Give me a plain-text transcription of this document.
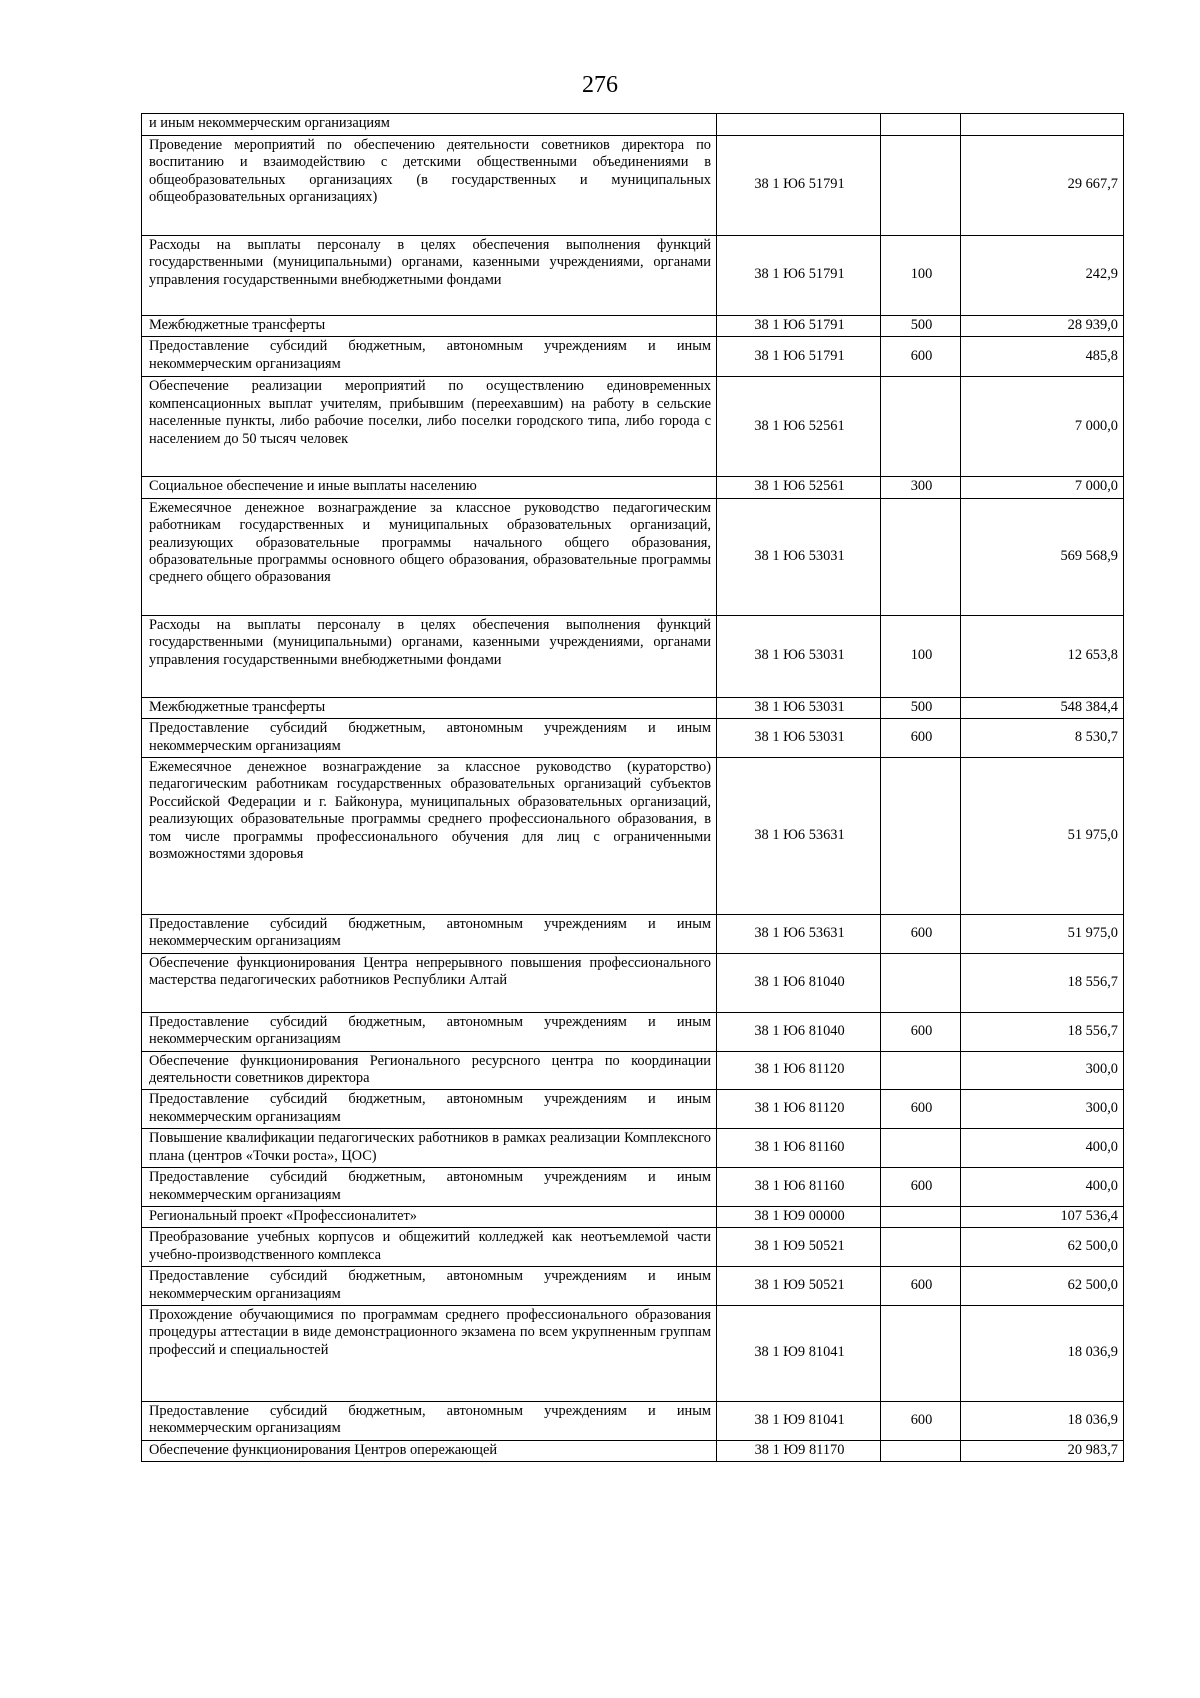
276
и иным некоммерческим организациям			
Проведение мероприятий по обеспечению деятельности советников директора по воспитанию и взаимодействию с детскими общественными объединениями в общеобразовательных организациях (в государственных и муниципальных общеобразовательных организациях)	38 1 Ю6 51791		29 667,7
Расходы на выплаты персоналу в целях обеспечения выполнения функций государственными (муниципальными) органами, казенными учреждениями, органами управления государственными внебюджетными фондами	38 1 Ю6 51791	100	242,9
Межбюджетные трансферты	38 1 Ю6 51791	500	28 939,0
Предоставление субсидий бюджетным, автономным учреждениям и иным некоммерческим организациям	38 1 Ю6 51791	600	485,8
Обеспечение реализации мероприятий по осуществлению единовременных компенсационных выплат учителям, прибывшим (переехавшим) на работу в сельские населенные пункты, либо рабочие поселки, либо поселки городского типа, либо города с населением до 50 тысяч человек	38 1 Ю6 52561		7 000,0
Социальное обеспечение и иные выплаты населению	38 1 Ю6 52561	300	7 000,0
Ежемесячное денежное вознаграждение за классное руководство педагогическим работникам государственных и муниципальных образовательных организаций, реализующих образовательные программы начального общего образования, образовательные программы основного общего образования, образовательные программы среднего общего образования	38 1 Ю6 53031		569 568,9
Расходы на выплаты персоналу в целях обеспечения выполнения функций государственными (муниципальными) органами, казенными учреждениями, органами управления государственными внебюджетными фондами	38 1 Ю6 53031	100	12 653,8
Межбюджетные трансферты	38 1 Ю6 53031	500	548 384,4
Предоставление субсидий бюджетным, автономным учреждениям и иным некоммерческим организациям	38 1 Ю6 53031	600	8 530,7
Ежемесячное денежное вознаграждение за классное руководство (кураторство) педагогическим работникам государственных образовательных организаций субъектов Российской Федерации и г. Байконура, муниципальных образовательных организаций, реализующих образовательные программы среднего профессионального образования, в том числе программы профессионального обучения для лиц с ограниченными возможностями здоровья	38 1 Ю6 53631		51 975,0
Предоставление субсидий бюджетным, автономным учреждениям и иным некоммерческим организациям	38 1 Ю6 53631	600	51 975,0
Обеспечение функционирования Центра непрерывного повышения профессионального мастерства педагогических работников Республики Алтай	38 1 Ю6 81040		18 556,7
Предоставление субсидий бюджетным, автономным учреждениям и иным некоммерческим организациям	38 1 Ю6 81040	600	18 556,7
Обеспечение функционирования Регионального ресурсного центра по координации деятельности советников директора	38 1 Ю6 81120		300,0
Предоставление субсидий бюджетным, автономным учреждениям и иным некоммерческим организациям	38 1 Ю6 81120	600	300,0
Повышение квалификации педагогических работников в рамках реализации Комплексного плана (центров «Точки роста», ЦОС)	38 1 Ю6 81160		400,0
Предоставление субсидий бюджетным, автономным учреждениям и иным некоммерческим организациям	38 1 Ю6 81160	600	400,0
Региональный проект «Профессионалитет»	38 1 Ю9 00000		107 536,4
Преобразование учебных корпусов и общежитий колледжей как неотъемлемой части учебно-производственного комплекса	38 1 Ю9 50521		62 500,0
Предоставление субсидий бюджетным, автономным учреждениям и иным некоммерческим организациям	38 1 Ю9 50521	600	62 500,0
Прохождение обучающимися по программам среднего профессионального образования процедуры аттестации в виде демонстрационного экзамена по всем укрупненным группам профессий и специальностей	38 1 Ю9 81041		18 036,9
Предоставление субсидий бюджетным, автономным учреждениям и иным некоммерческим организациям	38 1 Ю9 81041	600	18 036,9
Обеспечение функционирования Центров опережающей	38 1 Ю9 81170		20 983,7
